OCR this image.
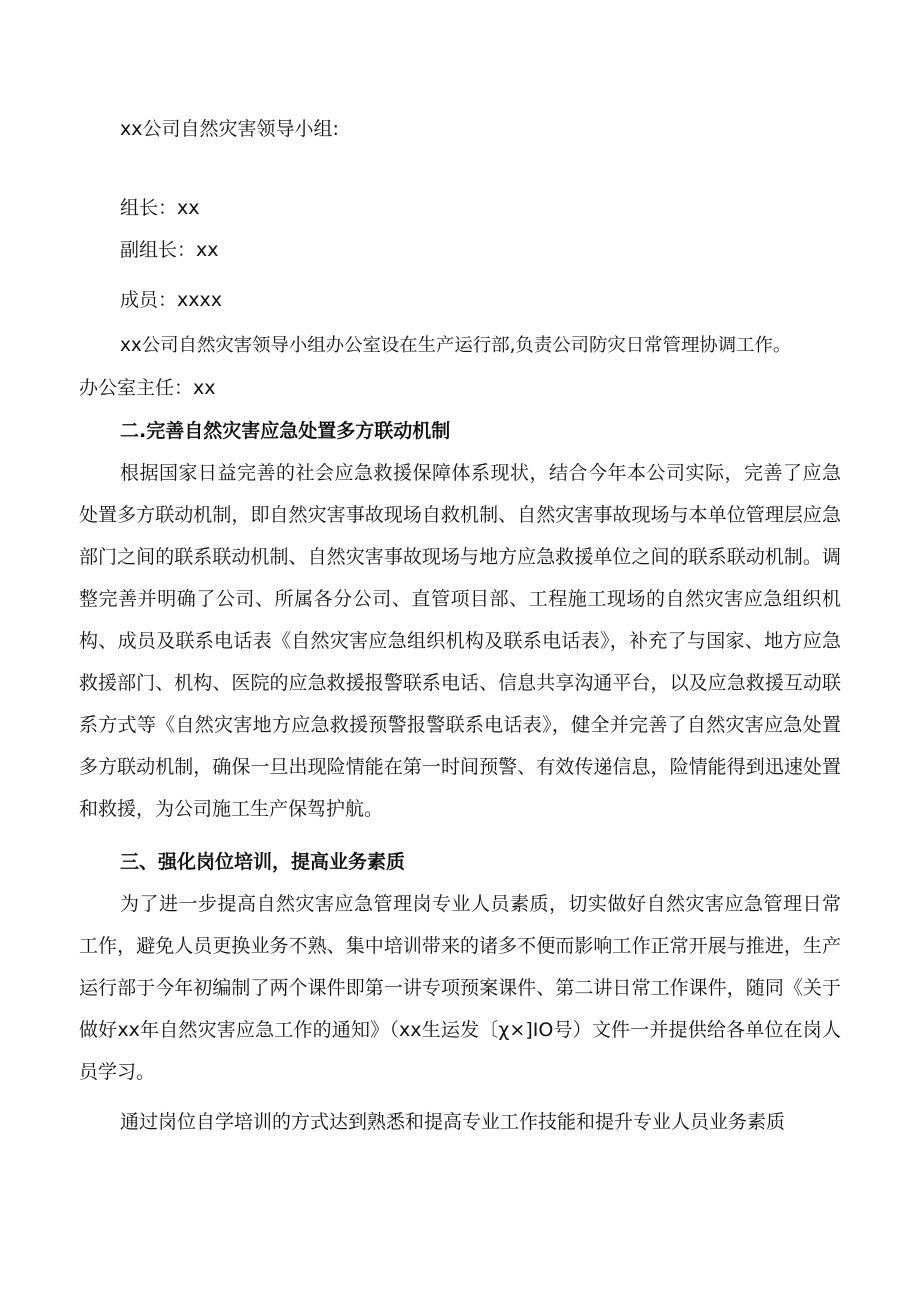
xx公司自然灾害领导小组:
组长：xx
副组长：xx
成员：xxxx
xx公司自然灾害领导小组办公室设在生产运行部,负责公司防灾日常管理协调工作。
办公室主任：xx
二.完善自然灾害应急处置多方联动机制

根据国家日益完善的社会应急救援保障体系现状，结合今年本公司实际，完善了应急处置多方联动机制，即自然灾害事故现场自救机制、自然灾害事故现场与本单位管理层应急部门之间的联系联动机制、自然灾害事故现场与地方应急救援单位之间的联系联动机制。调整完善并明确了公司、所属各分公司、直管项目部、工程施工现场的自然灾害应急组织机构、成员及联系电话表《自然灾害应急组织机构及联系电话表》，补充了与国家、地方应急救援部门、机构、医院的应急救援报警联系电话、信息共享沟通平台，以及应急救援互动联系方式等《自然灾害地方应急救援预警报警联系电话表》，健全并完善了自然灾害应急处置多方联动机制，确保一旦出现险情能在第一时间预警、有效传递信息，险情能得到迅速处置和救援，为公司施工生产保驾护航。

三、强化岗位培训，提高业务素质

为了进一步提高自然灾害应急管理岗专业人员素质，切实做好自然灾害应急管理日常工作，避免人员更换业务不熟、集中培训带来的诸多不便而影响工作正常开展与推进，生产运行部于今年初编制了两个课件即第一讲专项预案课件、第二讲日常工作课件，随同《关于做好xx年自然灾害应急工作的通知》（xx生运发〔χ×]IO号）文件一并提供给各单位在岗人员学习。

通过岗位自学培训的方式达到熟悉和提高专业工作技能和提升专业人员业务素质
